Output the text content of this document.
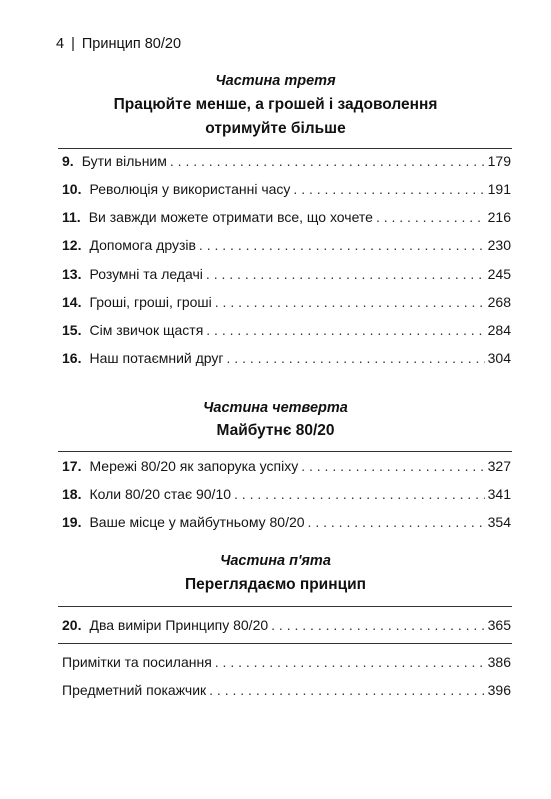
4 | Принцип 80/20
Частина третя
Працюйте менше, а грошей і задоволення
отримуйте більше
9. Бути вільним . . .	179
10. Революція у використанні часу . . .	191
11. Ви завжди можете отримати все, що хочете . . .	216
12. Допомога друзів . . .	230
13. Розумні та ледачі . . .	245
14. Гроші, гроші, гроші . . .	268
15. Сім звичок щастя . . .	284
16. Наш потаємний друг . . .	304
Частина четверта
Майбутнє 80/20
17. Мережі 80/20 як запорука успіху . . .	327
18. Коли 80/20 стає 90/10 . . .	341
19. Ваше місце у майбутньому 80/20 . . .	354
Частина п'ята
Переглядаємо принцип
20. Два виміри Принципу 80/20 . . .	365
Примітки та посилання . . .	386
Предметний покажчик . . .	396
